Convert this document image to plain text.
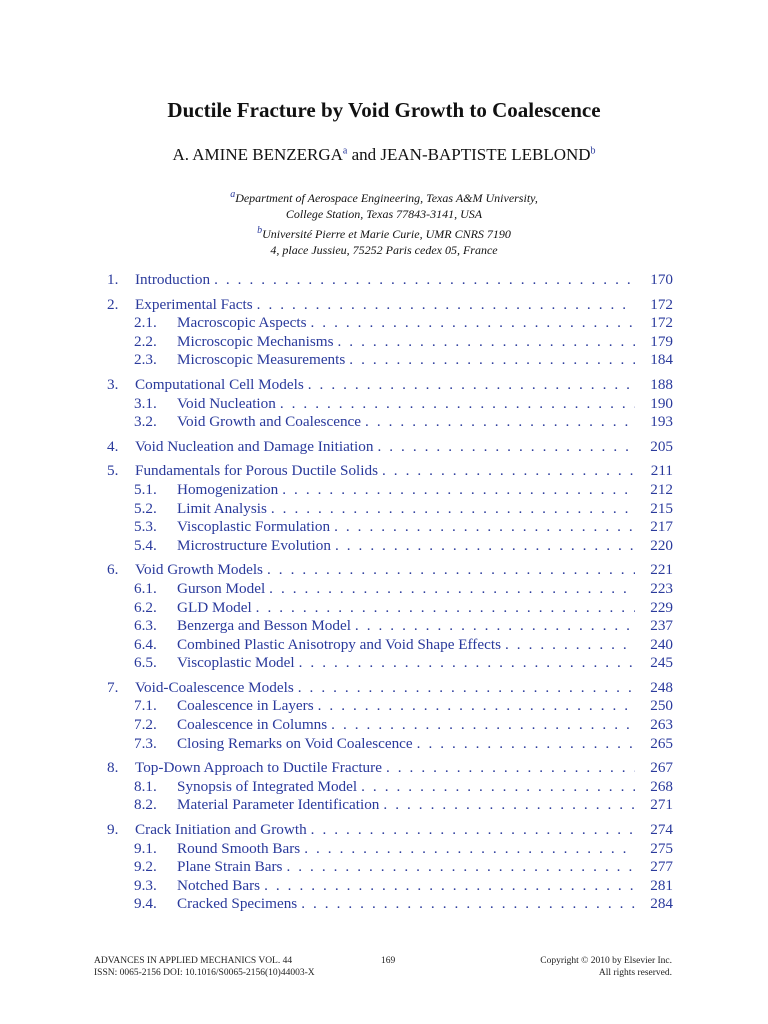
Ductile Fracture by Void Growth to Coalescence
A. AMINE BENZERGA$^a$ and JEAN-BAPTISTE LEBLOND$^b$
$^a$Department of Aerospace Engineering, Texas A&M University,
College Station, Texas 77843-3141, USA
$^b$Université Pierre et Marie Curie, UMR CNRS 7190
4, place Jussieu, 75252 Paris cedex 05, France
1.	Introduction . . .	170
2.	Experimental Facts . . .	172
2.1.	Macroscopic Aspects . . .	172
2.2.	Microscopic Mechanisms . . .	179
2.3.	Microscopic Measurements . . .	184
3.	Computational Cell Models . . .	188
3.1.	Void Nucleation . . .	190
3.2.	Void Growth and Coalescence . . .	193
4.	Void Nucleation and Damage Initiation . . .	205
5.	Fundamentals for Porous Ductile Solids . . .	211
5.1.	Homogenization . . .	212
5.2.	Limit Analysis . . .	215
5.3.	Viscoplastic Formulation . . .	217
5.4.	Microstructure Evolution . . .	220
6.	Void Growth Models . . .	221
6.1.	Gurson Model . . .	223
6.2.	GLD Model . . .	229
6.3.	Benzerga and Besson Model . . .	237
6.4.	Combined Plastic Anisotropy and Void Shape Effects . . .	240
6.5.	Viscoplastic Model . . .	245
7.	Void-Coalescence Models . . .	248
7.1.	Coalescence in Layers . . .	250
7.2.	Coalescence in Columns . . .	263
7.3.	Closing Remarks on Void Coalescence . . .	265
8.	Top-Down Approach to Ductile Fracture . . .	267
8.1.	Synopsis of Integrated Model . . .	268
8.2.	Material Parameter Identification . . .	271
9.	Crack Initiation and Growth . . .	274
9.1.	Round Smooth Bars . . .	275
9.2.	Plane Strain Bars . . .	277
9.3.	Notched Bars . . .	281
9.4.	Cracked Specimens . . .	284
ADVANCES IN APPLIED MECHANICS VOL. 44
ISSN: 0065-2156 DOI: 10.1016/S0065-2156(10)44003-X
169	Copyright © 2010 by Elsevier Inc.
All rights reserved.
